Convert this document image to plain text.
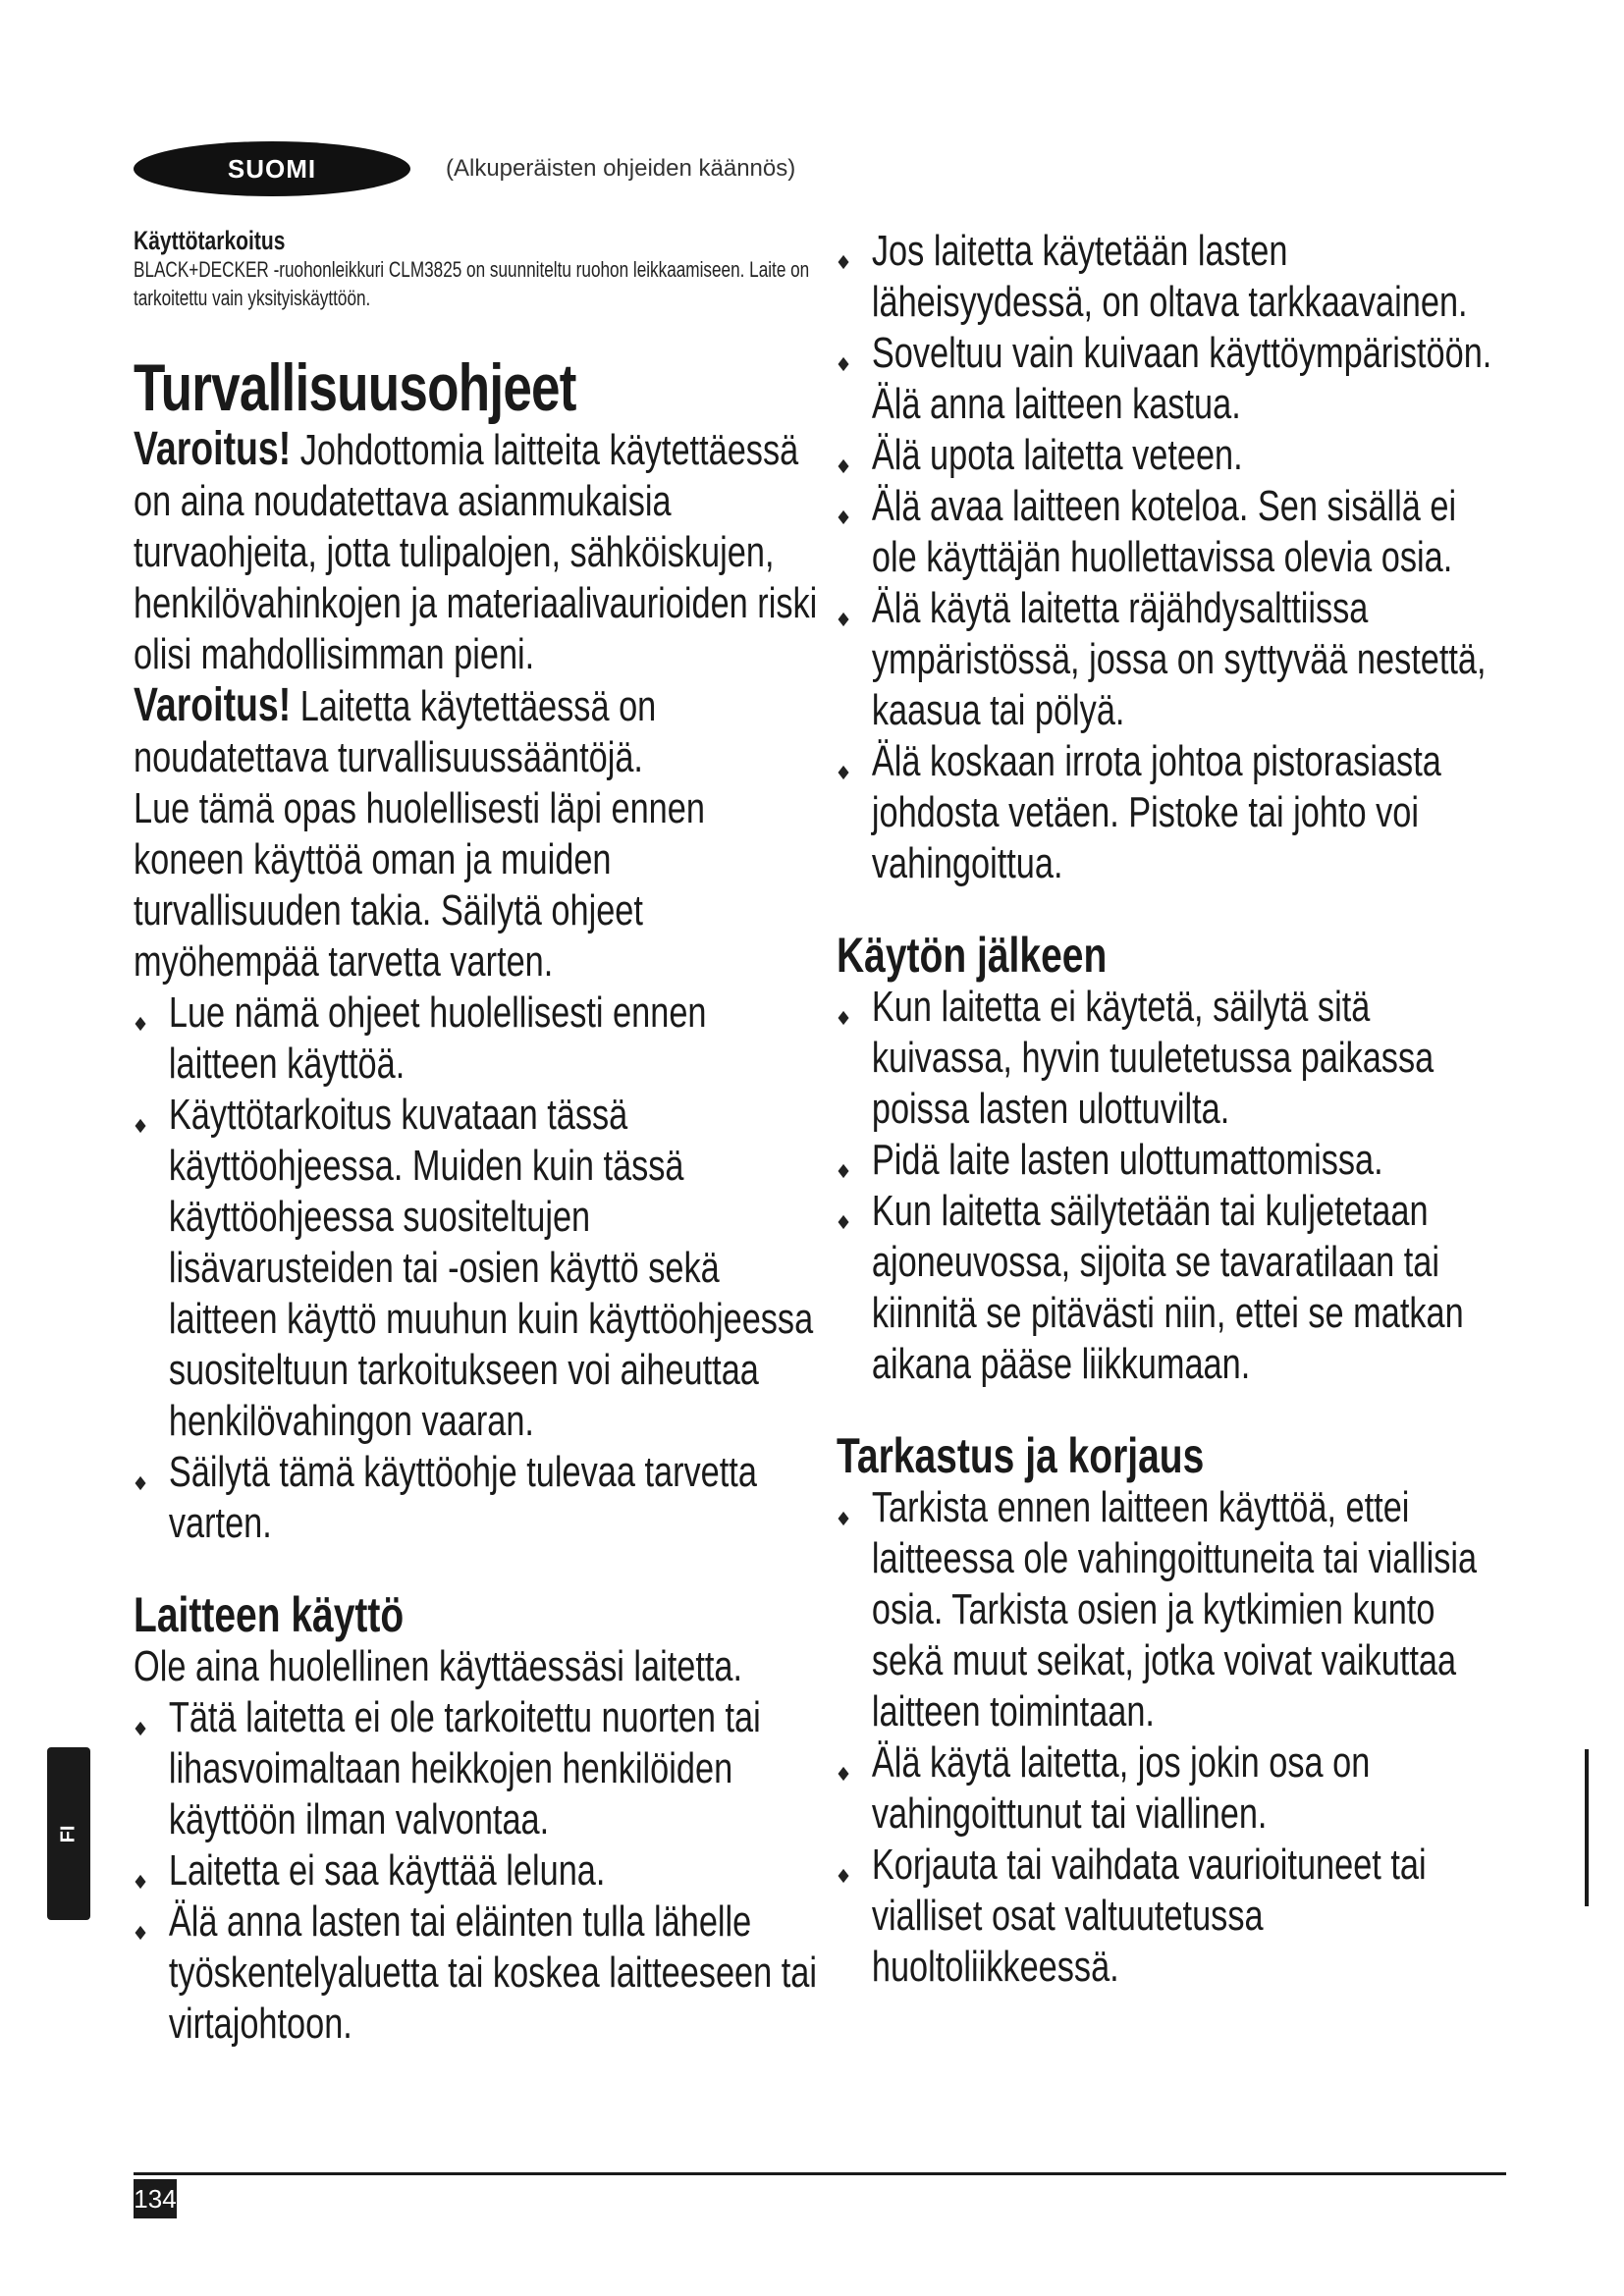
SUOMI	(Alkuperäisten ohjeiden käännös)

Käyttötarkoitus

BLACK+DECKER -ruohonleikkuri CLM3825 on suunniteltu ruohon leikkaamiseen. Laite on tarkoitettu vain yksityiskäyttöön.

Turvallisuusohjeet

Varoitus! Johdottomia laitteita käytettäessä on aina noudatettava asianmukaisia turvaohjeita, jotta tulipalojen, sähköiskujen, henkilövahinkojen ja materiaalivaurioiden riski olisi mahdollisimman pieni.

Varoitus! Laitetta käytettäessä on noudatettava turvallisuussääntöjä.

Lue tämä opas huolellisesti läpi ennen koneen käyttöä oman ja muiden turvallisuuden takia. Säilytä ohjeet myöhempää tarvetta varten.

Lue nämä ohjeet huolellisesti ennen laitteen käyttöä.
Käyttötarkoitus kuvataan tässä käyttöohjeessa. Muiden kuin tässä käyttöohjeessa suositeltujen lisävarusteiden tai -osien käyttö sekä laitteen käyttö muuhun kuin käyttöohjeessa suositeltuun tarkoitukseen voi aiheuttaa henkilövahingon vaaran.
Säilytä tämä käyttöohje tulevaa tarvetta varten.
Laitteen käyttö

Ole aina huolellinen käyttäessäsi laitetta.

Tätä laitetta ei ole tarkoitettu nuorten tai lihasvoimaltaan heikkojen henkilöiden käyttöön ilman valvontaa.
Laitetta ei saa käyttää leluna.
Älä anna lasten tai eläinten tulla lähelle työskentelyaluetta tai koskea laitteeseen tai virtajohtoon.
Jos laitetta käytetään lasten läheisyydessä, on oltava tarkkaavainen.
Soveltuu vain kuivaan käyttöympäristöön. Älä anna laitteen kastua.
Älä upota laitetta veteen.
Älä avaa laitteen koteloa. Sen sisällä ei ole käyttäjän huollettavissa olevia osia.
Älä käytä laitetta räjähdysalttiissa ympäristössä, jossa on syttyvää nestettä, kaasua tai pölyä.
Älä koskaan irrota johtoa pistorasiasta johdosta vetäen. Pistoke tai johto voi vahingoittua.
Käytön jälkeen
Kun laitetta ei käytetä, säilytä sitä kuivassa, hyvin tuuletetussa paikassa poissa lasten ulottuvilta.
Pidä laite lasten ulottumattomissa.
Kun laitetta säilytetään tai kuljetetaan ajoneuvossa, sijoita se tavaratilaan tai kiinnitä se pitävästi niin, ettei se matkan aikana pääse liikkumaan.
Tarkastus ja korjaus
Tarkista ennen laitteen käyttöä, ettei laitteessa ole vahingoittuneita tai viallisia osia. Tarkista osien ja kytkimien kunto sekä muut seikat, jotka voivat vaikuttaa laitteen toimintaan.
Älä käytä laitetta, jos jokin osa on vahingoittunut tai viallinen.
Korjauta tai vaihdata vaurioituneet tai vialliset osat valtuutetussa huoltoliikkeessä.
FI
134
